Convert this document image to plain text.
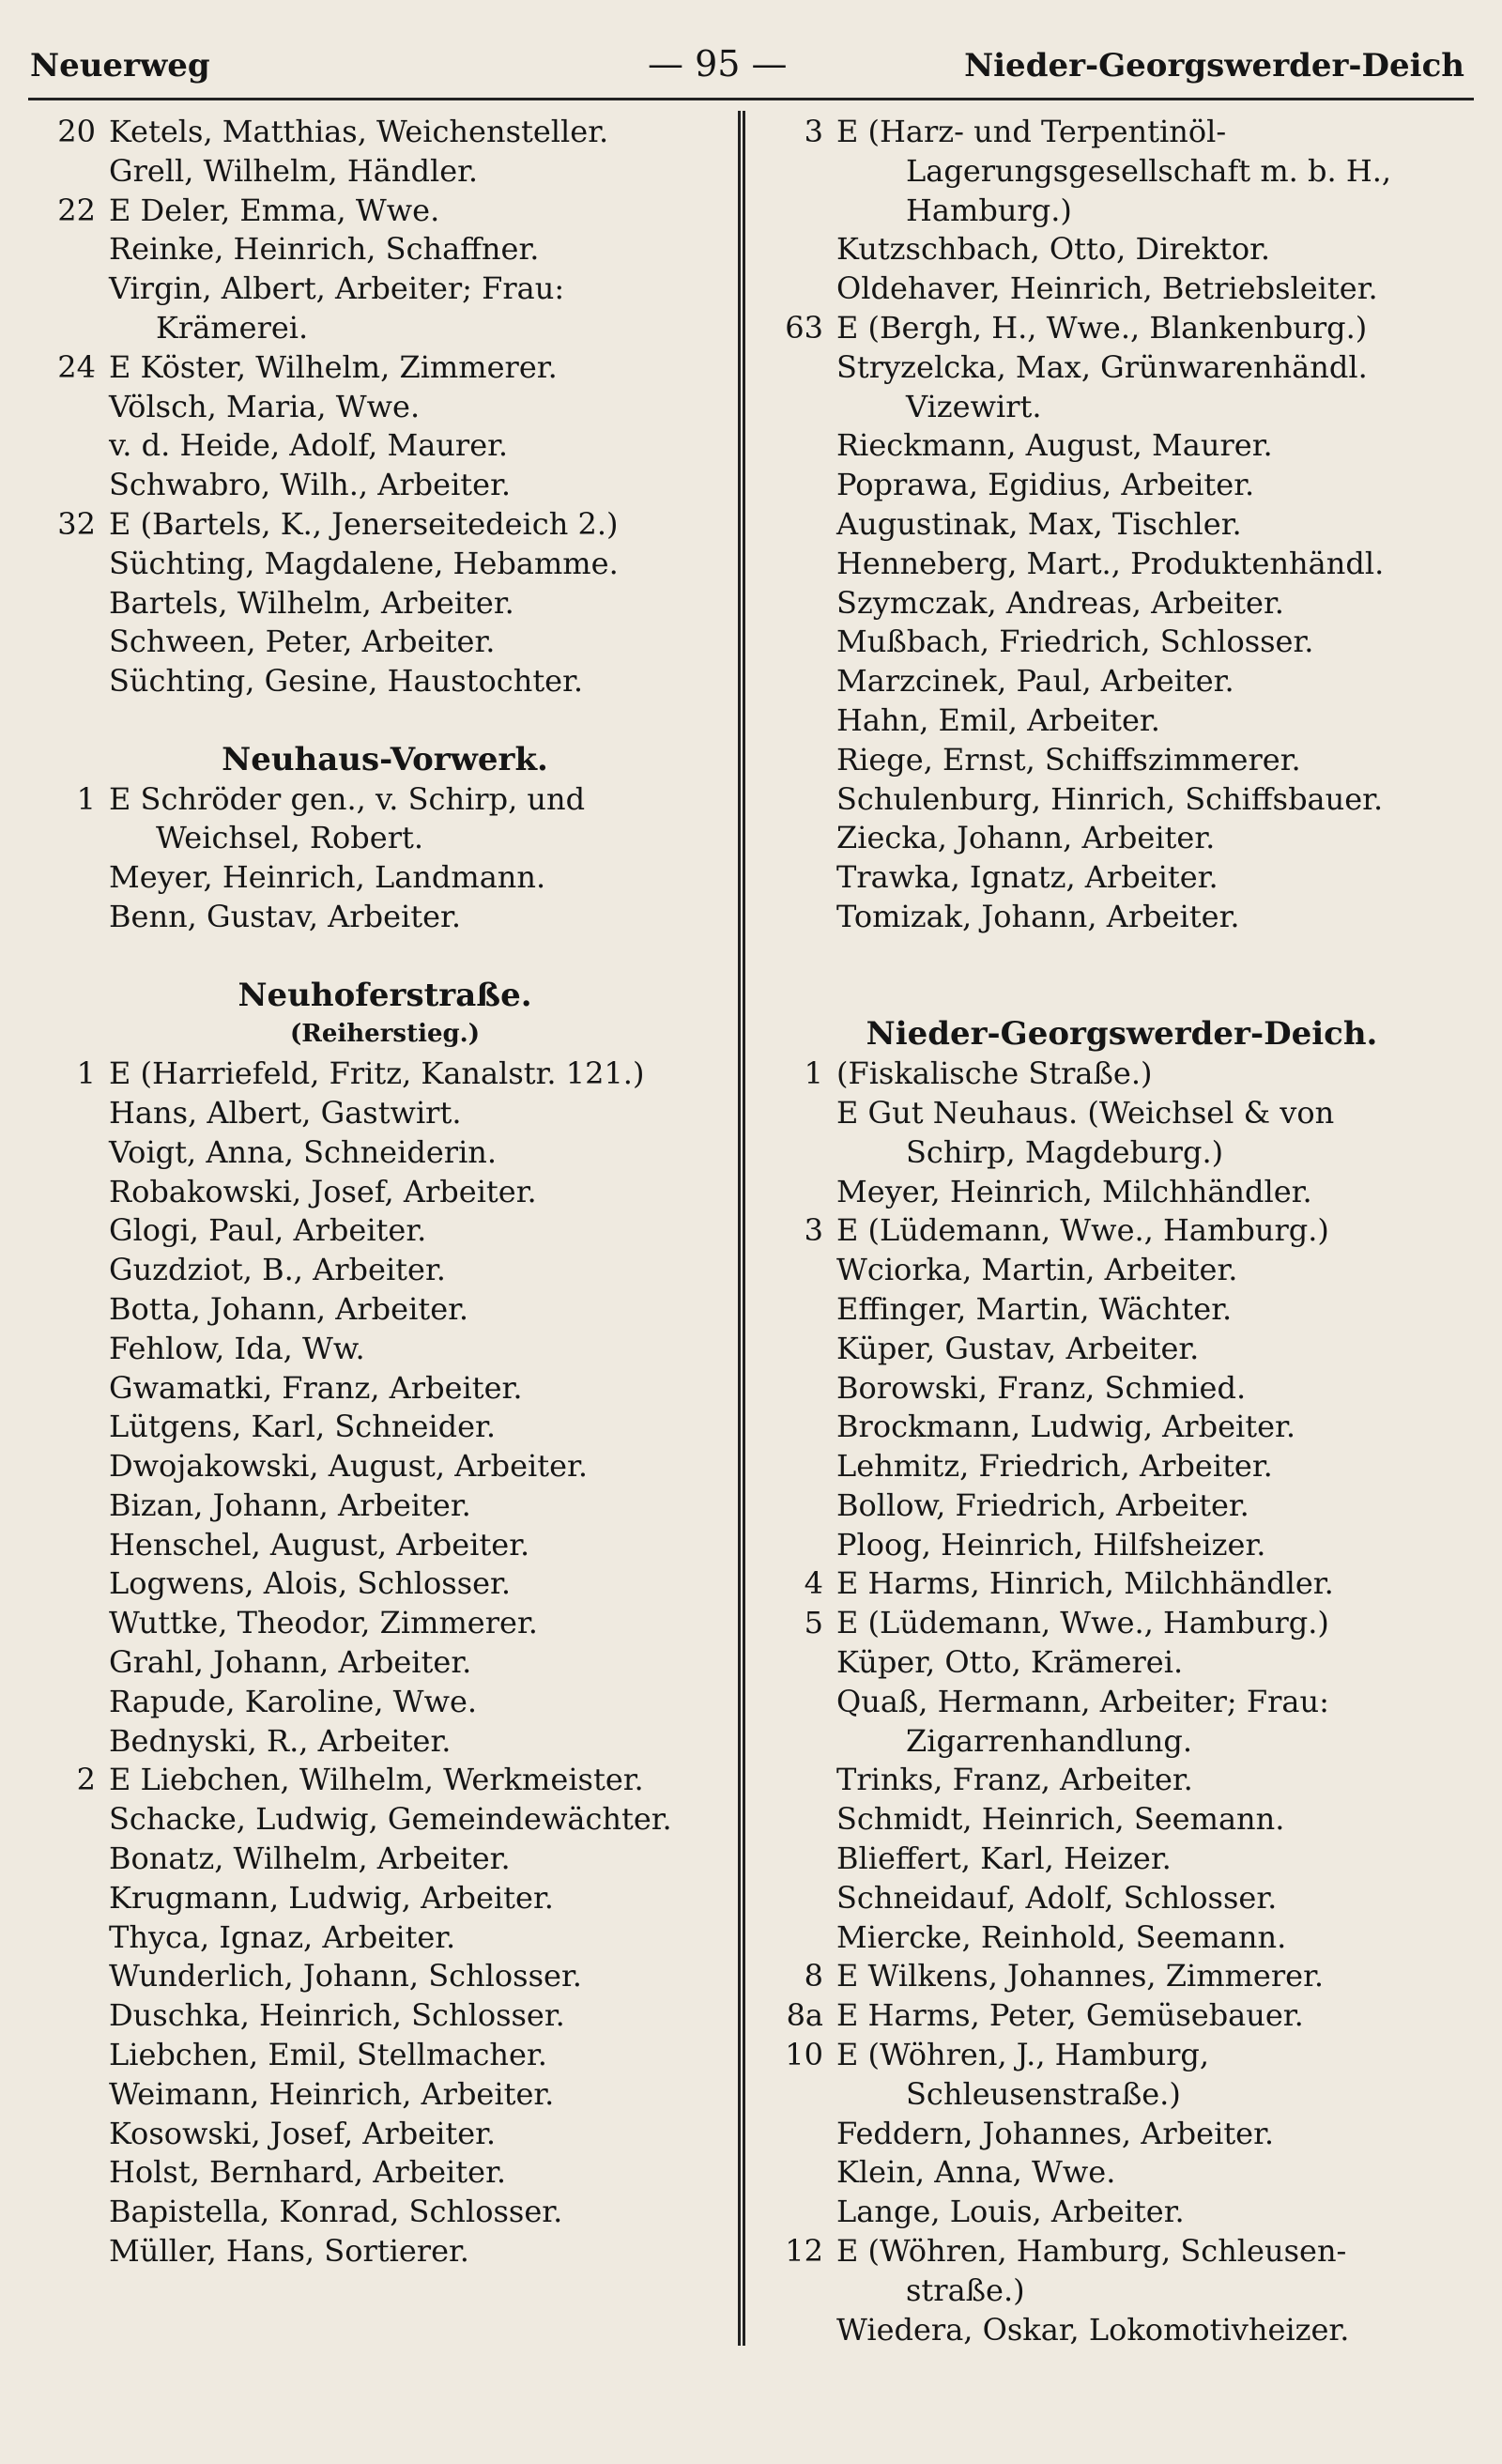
Neuerweg	— 95 —	Nieder-Georgswerder-Deich
20 Ketels, Matthias, Weichensteller.
Grell, Wilhelm, Händler.
22 E Deler, Emma, Wwe.
Reinke, Heinrich, Schaffner.
Virgin, Albert, Arbeiter; Frau:
Krämerei.
24 E Köster, Wilhelm, Zimmerer.
Völsch, Maria, Wwe.
v. d. Heide, Adolf, Maurer.
Schwabro, Wilh., Arbeiter.
32 E (Bartels, K., Jenerseitedeich 2.)
Süchting, Magdalene, Hebamme.
Bartels, Wilhelm, Arbeiter.
Schween, Peter, Arbeiter.
Süchting, Gesine, Haustochter.
Neuhaus-Vorwerk.
1 E Schröder gen., v. Schirp, und
Weichsel, Robert.
Meyer, Heinrich, Landmann.
Benn, Gustav, Arbeiter.
Neuhoferstraße.
(Reiherstieg.)
1 E (Harriefeld, Fritz, Kanalstr. 121.)
Hans, Albert, Gastwirt.
Voigt, Anna, Schneiderin.
Robakowski, Josef, Arbeiter.
Glogi, Paul, Arbeiter.
Guzdziot, B., Arbeiter.
Botta, Johann, Arbeiter.
Fehlow, Ida, Ww.
Gwamatki, Franz, Arbeiter.
Lütgens, Karl, Schneider.
Dwojakowski, August, Arbeiter.
Bizan, Johann, Arbeiter.
Henschel, August, Arbeiter.
Logwens, Alois, Schlosser.
Wuttke, Theodor, Zimmerer.
Grahl, Johann, Arbeiter.
Rapude, Karoline, Wwe.
Bednyski, R., Arbeiter.
2 E Liebchen, Wilhelm, Werkmeister.
Schacke, Ludwig, Gemeindewächter.
Bonatz, Wilhelm, Arbeiter.
Krugmann, Ludwig, Arbeiter.
Thyca, Ignaz, Arbeiter.
Wunderlich, Johann, Schlosser.
Duschka, Heinrich, Schlosser.
Liebchen, Emil, Stellmacher.
Weimann, Heinrich, Arbeiter.
Kosowski, Josef, Arbeiter.
Holst, Bernhard, Arbeiter.
Bapistella, Konrad, Schlosser.
Müller, Hans, Sortierer.
3 E (Harz- und Terpentinöl-
Lagerungsgesellschaft m. b. H.,
Hamburg.)
Kutzschbach, Otto, Direktor.
Oldehaver, Heinrich, Betriebsleiter.
63 E (Bergh, H., Wwe., Blankenburg.)
Stryzelcka, Max, Grünwarenhändl.
Vizewirt.
Rieckmann, August, Maurer.
Poprawa, Egidius, Arbeiter.
Augustinak, Max, Tischler.
Henneberg, Mart., Produktenhändl.
Szymczak, Andreas, Arbeiter.
Mußbach, Friedrich, Schlosser.
Marzcinek, Paul, Arbeiter.
Hahn, Emil, Arbeiter.
Riege, Ernst, Schiffszimmerer.
Schulenburg, Hinrich, Schiffsbauer.
Ziecka, Johann, Arbeiter.
Trawka, Ignatz, Arbeiter.
Tomizak, Johann, Arbeiter.
Nieder-Georgswerder-Deich.
1 (Fiskalische Straße.)
E Gut Neuhaus. (Weichsel & von
Schirp, Magdeburg.)
Meyer, Heinrich, Milchhändler.
3 E (Lüdemann, Wwe., Hamburg.)
Wciorka, Martin, Arbeiter.
Effinger, Martin, Wächter.
Küper, Gustav, Arbeiter.
Borowski, Franz, Schmied.
Brockmann, Ludwig, Arbeiter.
Lehmitz, Friedrich, Arbeiter.
Bollow, Friedrich, Arbeiter.
Ploog, Heinrich, Hilfsheizer.
4 E Harms, Hinrich, Milchhändler.
5 E (Lüdemann, Wwe., Hamburg.)
Küper, Otto, Krämerei.
Quaß, Hermann, Arbeiter; Frau:
Zigarrenhandlung.
Trinks, Franz, Arbeiter.
Schmidt, Heinrich, Seemann.
Blieffert, Karl, Heizer.
Schneidauf, Adolf, Schlosser.
Miercke, Reinhold, Seemann.
8 E Wilkens, Johannes, Zimmerer.
8a E Harms, Peter, Gemüsebauer.
10 E (Wöhren, J., Hamburg,
Schleusenstraße.)
Feddern, Johannes, Arbeiter.
Klein, Anna, Wwe.
Lange, Louis, Arbeiter.
12 E (Wöhren, Hamburg, Schleusen-
straße.)
Wiedera, Oskar, Lokomotivheizer.
